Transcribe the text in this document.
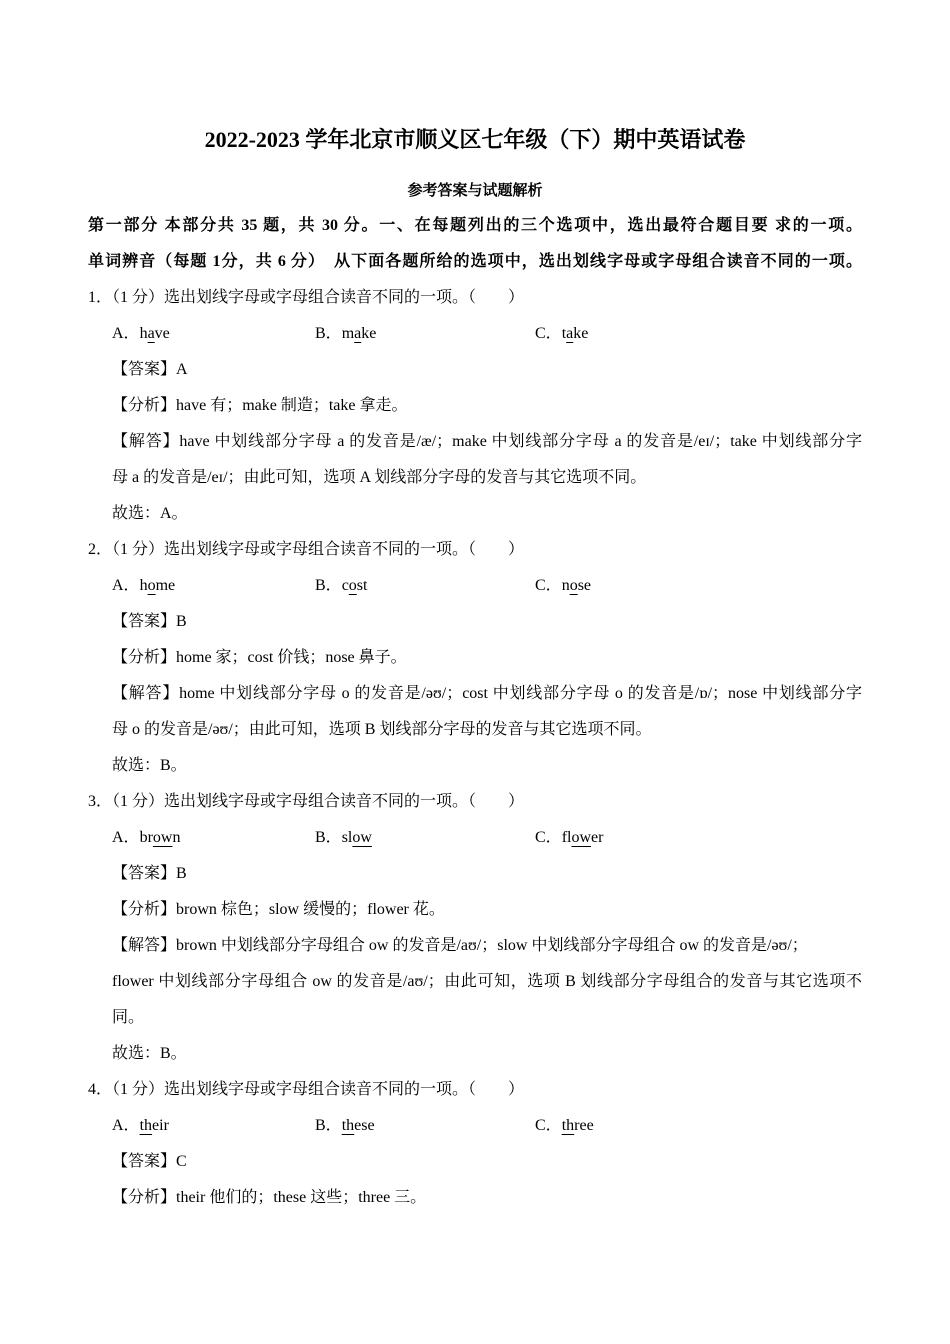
2022-2023 学年北京市顺义区七年级（下）期中英语试卷
参考答案与试题解析

第一部分 本部分共 35 题，共 30 分。一、在每题列出的三个选项中，选出最符合题目要 求的一项。

单词辨音（每题 1分，共 6 分）　从下面各题所给的选项中，选出划线字母或字母组合读音不同的一项。

1．（1 分）选出划线字母或字母组合读音不同的一项。（　　）

A．have	B．make	C．take

【答案】A

【分析】have 有；make 制造；take 拿走。

【解答】have 中划线部分字母 a 的发音是/æ/；make 中划线部分字母 a 的发音是/eɪ/；take 中划线部分字

母 a 的发音是/eɪ/；由此可知，选项 A 划线部分字母的发音与其它选项不同。

故选：A。

2．（1 分）选出划线字母或字母组合读音不同的一项。（　　）

A．home	B．cost	C．nose

【答案】B

【分析】home 家；cost 价钱；nose 鼻子。

【解答】home 中划线部分字母 o 的发音是/əʊ/；cost 中划线部分字母 o 的发音是/ɒ/；nose 中划线部分字

母 o 的发音是/əʊ/；由此可知，选项 B 划线部分字母的发音与其它选项不同。

故选：B。

3．（1 分）选出划线字母或字母组合读音不同的一项。（　　）

A．brown	B．slow	C．flower

【答案】B

【分析】brown 棕色；slow 缓慢的；flower 花。

【解答】brown 中划线部分字母组合 ow 的发音是/aʊ/；slow 中划线部分字母组合 ow 的发音是/əʊ/；

flower 中划线部分字母组合 ow 的发音是/aʊ/；由此可知，选项 B 划线部分字母组合的发音与其它选项不

同。

故选：B。

4．（1 分）选出划线字母或字母组合读音不同的一项。（　　）

A．their	B．these	C．three

【答案】C

【分析】their 他们的；these 这些；three 三。
